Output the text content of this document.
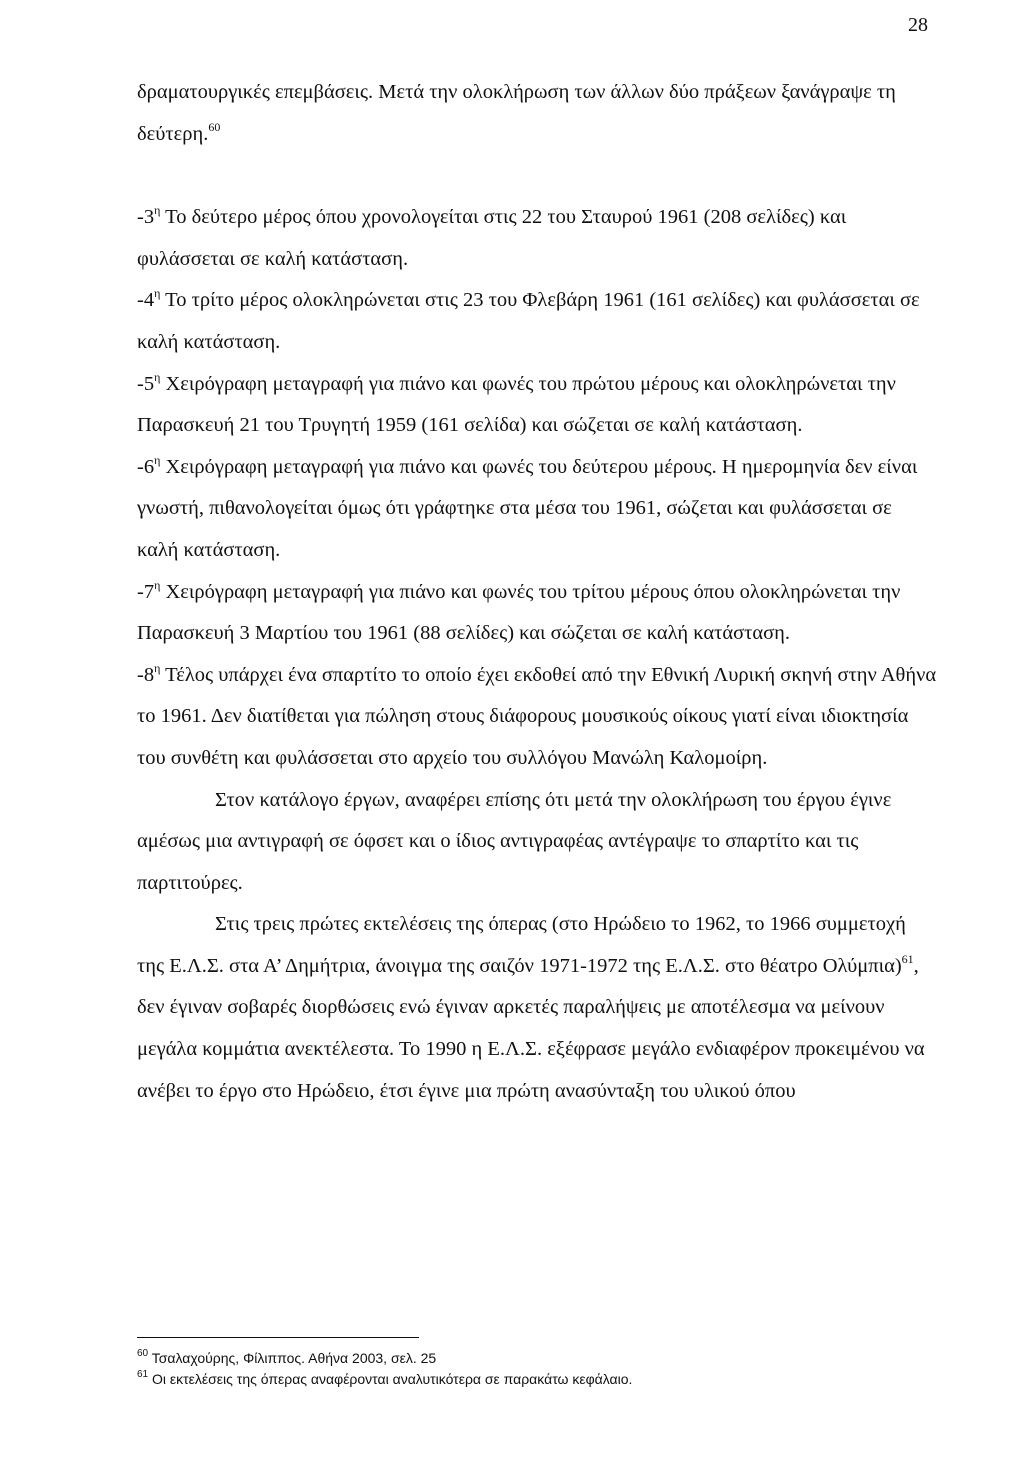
28

δραματουργικές επεμβάσεις. Μετά την ολοκλήρωση των άλλων δύο πράξεων ξανάγραψε τη δεύτερη.$^{60}$

$-3^\eta$ Το δεύτερο μέρος όπου χρονολογείται στις 22 του Σταυρού 1961 (208 σελίδες) και φυλάσσεται σε καλή κατάσταση.

$-4^\eta$ Το τρίτο μέρος ολοκληρώνεται στις 23 του Φλεβάρη 1961 (161 σελίδες) και φυλάσσεται σε καλή κατάσταση.

$-5^\eta$ Χειρόγραφη μεταγραφή για πιάνο και φωνές του πρώτου μέρους και ολοκληρώνεται την Παρασκευή 21 του Τρυγητή 1959 (161 σελίδα) και σώζεται σε καλή κατάσταση.

$-6^\eta$ Χειρόγραφη μεταγραφή για πιάνο και φωνές του δεύτερου μέρους. Η ημερομηνία δεν είναι γνωστή, πιθανολογείται όμως ότι γράφτηκε στα μέσα του 1961, σώζεται και φυλάσσεται σε καλή κατάσταση.

$-7^\eta$ Χειρόγραφη μεταγραφή για πιάνο και φωνές του τρίτου μέρους όπου ολοκληρώνεται την Παρασκευή 3 Μαρτίου του 1961 (88 σελίδες) και σώζεται σε καλή κατάσταση.

$-8^\eta$ Τέλος υπάρχει ένα σπαρτίτο το οποίο έχει εκδοθεί από την Εθνική Λυρική σκηνή στην Αθήνα το 1961. Δεν διατίθεται για πώληση στους διάφορους μουσικούς οίκους γιατί είναι ιδιοκτησία του συνθέτη και φυλάσσεται στο αρχείο του συλλόγου Μανώλη Καλομοίρη.

Στον κατάλογο έργων, αναφέρει επίσης ότι μετά την ολοκλήρωση του έργου έγινε αμέσως μια αντιγραφή σε όφσετ και ο ίδιος αντιγραφέας αντέγραψε το σπαρτίτο και τις παρτιτούρες.

Στις τρεις πρώτες εκτελέσεις της όπερας (στο Ηρώδειο το 1962, το 1966 συμμετοχή της Ε.Λ.Σ. στα Α’ Δημήτρια, άνοιγμα της σαιζόν 1971-1972 της Ε.Λ.Σ. στο θέατρο Ολύμπια)$^{61}$, δεν έγιναν σοβαρές διορθώσεις ενώ έγιναν αρκετές παραλήψεις με αποτέλεσμα να μείνουν μεγάλα κομμάτια ανεκτέλεστα. Το 1990 η Ε.Λ.Σ. εξέφρασε μεγάλο ενδιαφέρον προκειμένου να ανέβει το έργο στο Ηρώδειο, έτσι έγινε μια πρώτη ανασύνταξη του υλικού όπου

$^{60}$ Τσαλαχούρης, Φίλιππος. Αθήνα 2003, σελ. 25

$^{61}$ Οι εκτελέσεις της όπερας αναφέρονται αναλυτικότερα σε παρακάτω κεφάλαιο.
